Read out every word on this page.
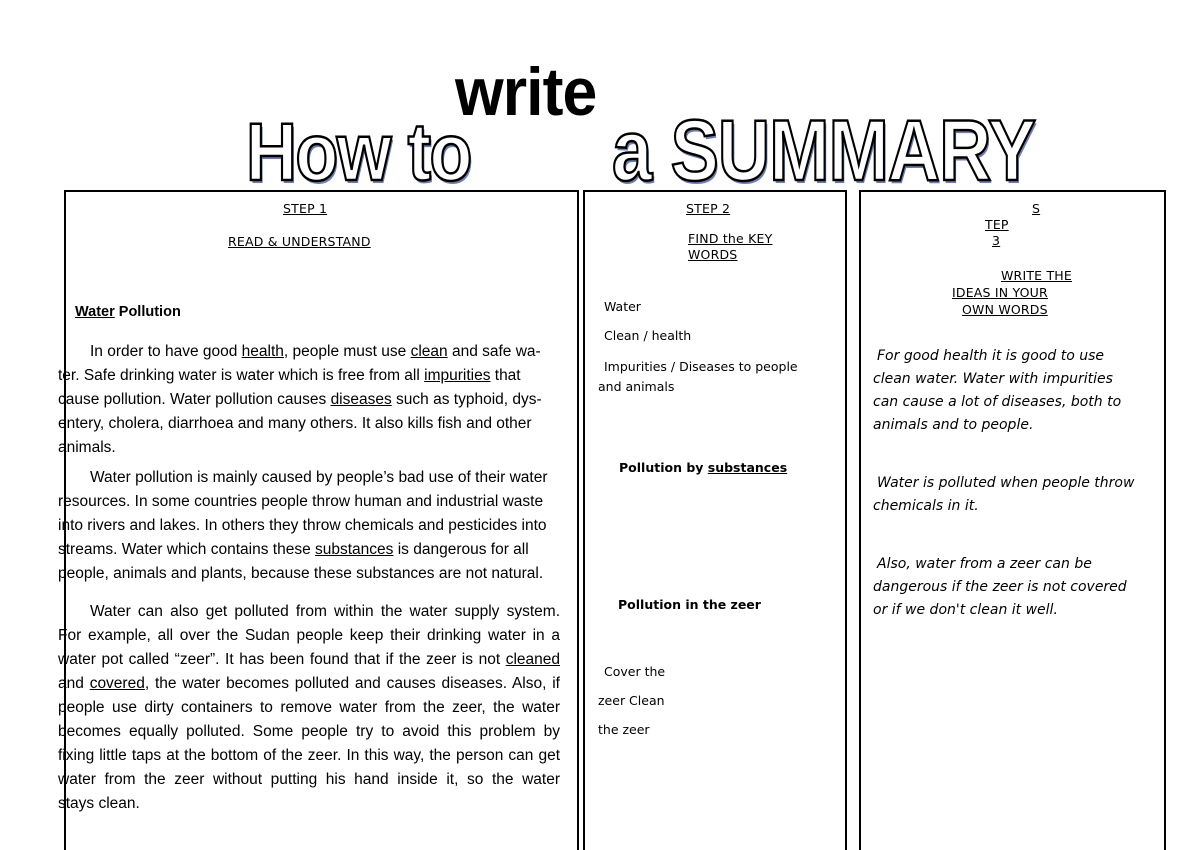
How to
write
a SUMMARY
STEP 1
READ & UNDERSTAND
Water Pollution
In order to have good health, people must use clean and safe wa-
ter. Safe drinking water is water which is free from all impurities that
cause pollution. Water pollution causes diseases such as typhoid, dys-
entery, cholera, diarrhoea and many others. It also kills fish and other
animals.
Water pollution is mainly caused by people’s bad use of their water
resources. In some countries people throw human and industrial waste
into rivers and lakes. In others they throw chemicals and pesticides into
streams. Water which contains these substances is dangerous for all
people, animals and plants, because these substances are not natural.
Water can also get polluted from within the water supply system.
For example, all over the Sudan people keep their drinking water in a
water pot called “zeer”. It has been found that if the zeer is not cleaned
and covered, the water becomes polluted and causes diseases. Also, if
people use dirty containers to remove water from the zeer, the water
becomes equally polluted. Some people try to avoid this problem by
fixing little taps at the bottom of the zeer. In this way, the person can get
water from the zeer without putting his hand inside it, so the water
stays clean.
STEP 2
FIND the KEY
WORDS
Water
Clean / health
Impurities / Diseases to people
and animals
Pollution by substances
Pollution in the zeer
Cover the
zeer Clean
the zeer
S
TEP
3
WRITE THE
IDEAS IN YOUR
OWN WORDS
For good health it is good to use
clean water. Water with impurities
can cause a lot of diseases, both to
animals and to people.
Water is polluted when people throw
chemicals in it.
Also, water from a zeer can be
dangerous if the zeer is not covered
or if we don't clean it well.
